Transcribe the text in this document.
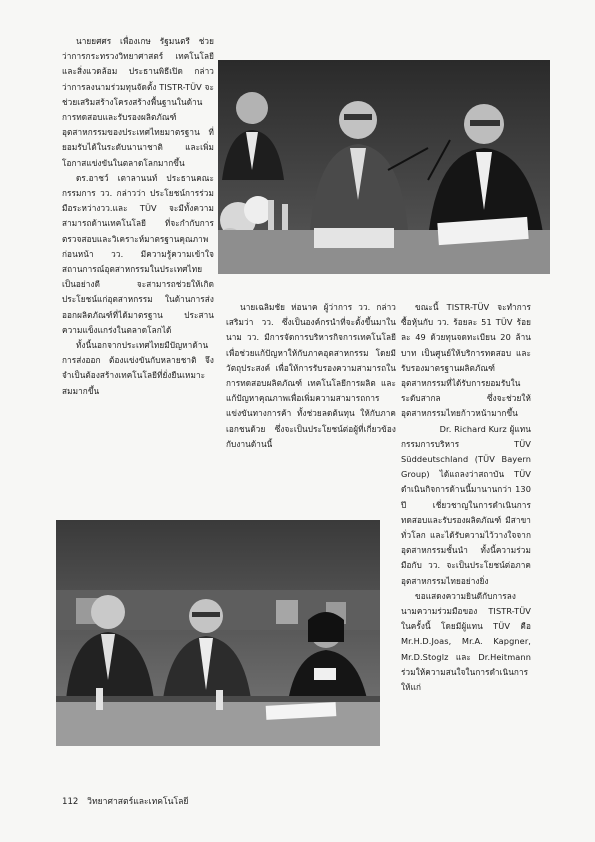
นายยศศร เพื่องเกษ รัฐมนตรี ช่วยว่าการกระทรวงวิทยาศาสตร์ เทคโนโลยีและสิ่งแวดล้อม ประธานพิธีเปิด กล่าวว่าการลงนามร่วมทุนจัดตั้ง TISTR-TÜV จะช่วยเสริมสร้างโครงสร้างพื้นฐานในด้านการทดสอบและรับรองผลิตภัณฑ์ อุตสาหกรรมของประเทศไทยมาตรฐาน ที่ยอมรับได้ในระดับนานาชาติ และเพิ่มโอกาสแข่งขันในตลาดโลกมากขึ้น

ดร.อาชว์ เตาลานนท์ ประธานคณะกรรมการ วว. กล่าวว่า ประโยชน์การร่วมมือระหว่างวว.และ TÜV จะมีทั้งความสามารถด้านเทคโนโลยี ที่จะกำกับการตรวจสอบและวิเคราะห์มาตรฐานคุณภาพ ก่อนหน้า วว. มีความรู้ความเข้าใจสถานการณ์อุตสาหกรรมในประเทศไทยเป็นอย่างดี จะสามารถช่วยให้เกิดประโยชน์แก่อุตสาหกรรม ในด้านการส่งออกผลิตภัณฑ์ที่ได้มาตรฐาน ประสานความแข็งแกร่งในตลาดโลกได้

ทั้งนี้นอกจากประเทศไทยมีปัญหาด้านการส่งออก ต้องแข่งขันกับหลายชาติ จึงจำเป็นต้องสร้างเทคโนโลยีที่ยั่งยืนเหมาะสมมากขึ้น

นายเฉลิมชัย ห่อนาค ผู้ว่าการ วว. กล่าวเสริมว่า วว. ซึ่งเป็นองค์กรนำที่จะตั้งขึ้นมาในนาม วว. มีการจัดการบริหารกิจการเทคโนโลยี เพื่อช่วยแก้ปัญหาให้กับภาคอุตสาหกรรม โดยมีวัตถุประสงค์ เพื่อให้การรับรองความสามารถในการทดสอบผลิตภัณฑ์ เทคโนโลยีการผลิต และแก้ปัญหาคุณภาพเพื่อเพิ่มความสามารถการแข่งขันทางการค้า ทั้งช่วยลดต้นทุน ให้กับภาคเอกชนด้วย ซึ่งจะเป็นประโยชน์ต่อผู้ที่เกี่ยวข้องกับงานด้านนี้

ขณะนี้ TISTR-TÜV จะทำการซื้อหุ้นกับ วว. ร้อยละ 51 TÜV ร้อยละ 49 ด้วยทุนจดทะเบียน 20 ล้านบาท เป็นศูนย์ให้บริการทดสอบ และรับรองมาตรฐานผลิตภัณฑ์อุตสาหกรรมที่ได้รับการยอมรับในระดับสากล ซึ่งจะช่วยให้อุตสาหกรรมไทยก้าวหน้ามากขึ้น

Dr. Richard Kurz ผู้แทน

กรรมการบริหาร TÜV Süddeutschland (TÜV Bayern Group) ได้แถลงว่าสถาบัน TÜV ดำเนินกิจการด้านนี้มานานกว่า 130 ปี เชี่ยวชาญในการดำเนินการทดสอบและรับรองผลิตภัณฑ์ มีสาขาทั่วโลก และได้รับความไว้วางใจจากอุตสาหกรรมชั้นนำ ทั้งนี้ความร่วมมือกับ วว. จะเป็นประโยชน์ต่อภาคอุตสาหกรรมไทยอย่างยิ่ง

ขอแสดงความยินดีกับการลงนามความร่วมมือของ TISTR-TÜV ในครั้งนี้ โดยมีผู้แทน TÜV คือ Mr.H.D.Joas, Mr.A. Kapgner, Mr.D.Stoglz และ Dr.Heitmann ร่วมให้ความสนใจในการดำเนินการให้แก่

112 วิทยาศาสตร์และเทคโนโลยี
